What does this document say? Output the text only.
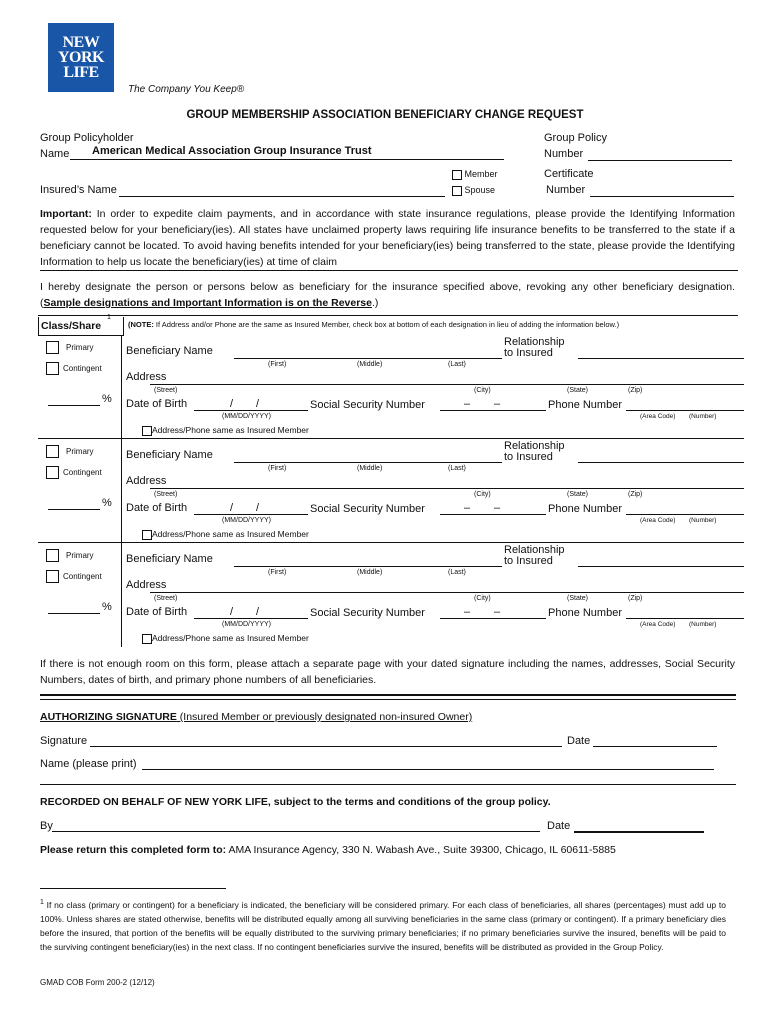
NEW
YORK
LIFE
The Company You Keep®
GROUP MEMBERSHIP ASSOCIATION BENEFICIARY CHANGE REQUEST
Group Policyholder
Name American Medical Association Group Insurance Trust
Group Policy
Number
Member
Spouse
Insured’s Name
Certificate
Number
Important: In order to expedite claim payments, and in accordance with state insurance regulations, please provide the Identifying Information requested below for your beneficiary(ies). All states have unclaimed property laws requiring life insurance benefits to be transferred to the state if a beneficiary cannot be located. To avoid having benefits intended for your beneficiary(ies) being transferred to the state, please provide the Identifying Information to help us locate the beneficiary(ies) at time of claim
I hereby designate the person or persons below as beneficiary for the insurance specified above, revoking any other beneficiary designation. (Sample designations and Important Information is on the Reverse.)
Class/Share
1
(NOTE: If Address and/or Phone are the same as Insured Member, check box at bottom of each designation in lieu of adding the information below.)
Primary
Contingent
%
Beneficiary Name
(First)	(Middle)	(Last)
Relationship
to Insured
Address
(Street)	(City)	(State)	(Zip)
Date of Birth	/ /
(MM/DD/YYYY)
Social Security Number	– –	Phone Number
(Area Code) (Number)
Address/Phone same as Insured Member
Primary
Contingent
%
Beneficiary Name
(First)	(Middle)	(Last)
Relationship
to Insured
Address
(Street)	(City)	(State)	(Zip)
Date of Birth	/ /
(MM/DD/YYYY)
Social Security Number	– –	Phone Number
(Area Code) (Number)
Address/Phone same as Insured Member
Primary
Contingent
%
Beneficiary Name
(First)	(Middle)	(Last)
Relationship
to Insured
Address
(Street)	(City)	(State)	(Zip)
Date of Birth	/ /
(MM/DD/YYYY)
Social Security Number	– –	Phone Number
(Area Code) (Number)
Address/Phone same as Insured Member
If there is not enough room on this form, please attach a separate page with your dated signature including the names, addresses, Social Security Numbers, dates of birth, and primary phone numbers of all beneficiaries.
AUTHORIZING SIGNATURE (Insured Member or previously designated non-insured Owner)
Signature	Date
Name (please print)
RECORDED ON BEHALF OF NEW YORK LIFE, subject to the terms and conditions of the group policy.
By	Date
Please return this completed form to: AMA Insurance Agency, 330 N. Wabash Ave., Suite 39300, Chicago, IL 60611-5885
$^1$ If no class (primary or contingent) for a beneficiary is indicated, the beneficiary will be considered primary. For each class of beneficiaries, all shares (percentages) must add up to 100%. Unless shares are stated otherwise, benefits will be distributed equally among all surviving beneficiaries in the same class (primary or contingent). If a primary beneficiary dies before the insured, that portion of the benefits will be equally distributed to the surviving primary beneficiaries; if no primary beneficiaries survive the insured, benefits will be paid to the surviving contingent beneficiary(ies) in the next class. If no contingent beneficiaries survive the insured, benefits will be distributed as provided in the Group Policy.
GMAD COB Form 200-2 (12/12)
